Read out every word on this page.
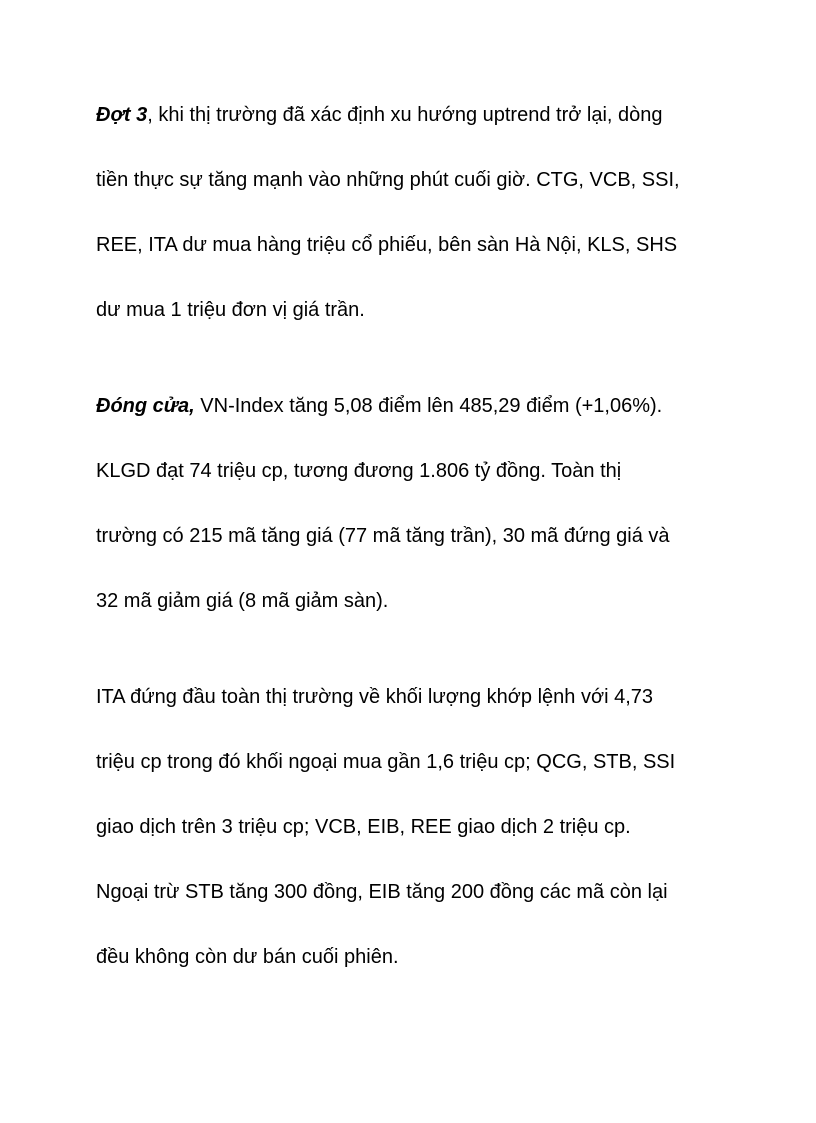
Đợt 3, khi thị trường đã xác định xu hướng uptrend trở lại, dòng
tiền thực sự tăng mạnh vào những phút cuối giờ. CTG, VCB, SSI,
REE, ITA dư mua hàng triệu cổ phiếu, bên sàn Hà Nội, KLS, SHS
dư mua 1 triệu đơn vị giá trần.

Đóng cửa, VN-Index tăng 5,08 điểm lên 485,29 điểm (+1,06%).
KLGD đạt 74 triệu cp, tương đương 1.806 tỷ đồng. Toàn thị
trường có 215 mã tăng giá (77 mã tăng trần), 30 mã đứng giá và
32 mã giảm giá (8 mã giảm sàn).

ITA đứng đầu toàn thị trường về khối lượng khớp lệnh với 4,73
triệu cp trong đó khối ngoại mua gần 1,6 triệu cp; QCG, STB, SSI
giao dịch trên 3 triệu cp; VCB, EIB, REE giao dịch 2 triệu cp.
Ngoại trừ STB tăng 300 đồng, EIB tăng 200 đồng các mã còn lại
đều không còn dư bán cuối phiên.
